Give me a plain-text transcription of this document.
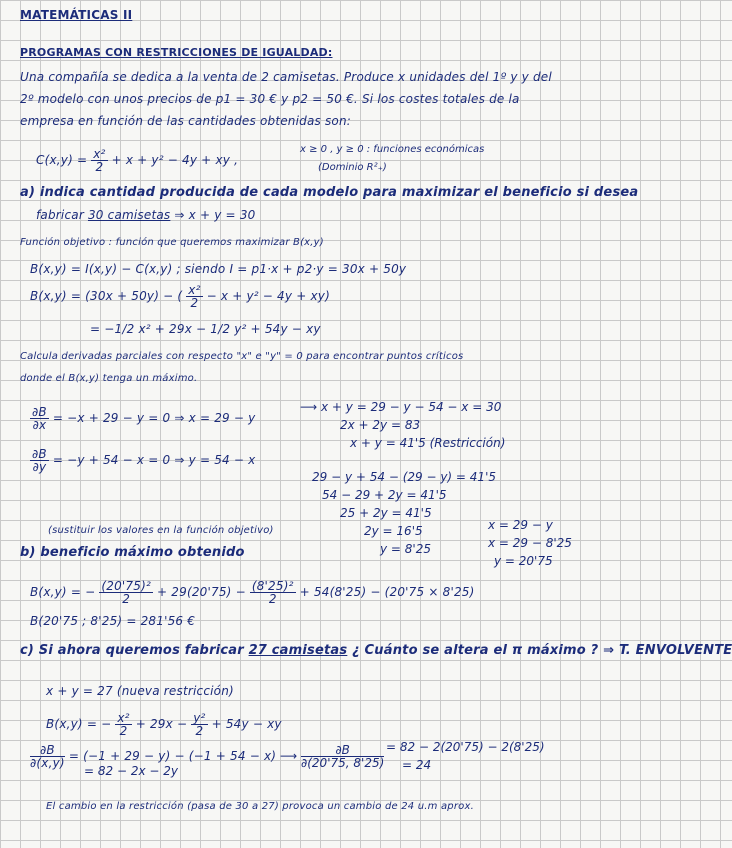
MATEMÁTICAS II
PROGRAMAS CON RESTRICCIONES DE IGUALDAD:
Una compañía se dedica a la venta de 2 camisetas. Produce x unidades del 1º y y del
2º modelo con unos precios de p1 = 30 € y p2 = 50 €. Si los costes totales de la
empresa en función de las cantidades obtenidas son:
$C(x,y) = \frac{\text{x²}}{2} + x + y^2 - 4y$ + xy ,
x ≥ 0 , y ≥ 0 : funciones económicas
(Dominio R²₊)
a) indica cantidad producida de cada modelo para maximizar el beneficio si desea
fabricar 30 camisetas ⇒ x + y = 30
Función objetivo : función que queremos maximizar B(x,y)
B(x,y) = I(x,y) − C(x,y) ; siendo I = p1·x + p2·y = 30x + 50y
B(x,y) = (30x + 50y) − ( $\frac{\text{x²}}{2} - x + y^2 - 4y + xy$)
= −1/2 x² + 29x − 1/2 y² + 54y − xy
Calcula derivadas parciales con respecto "x" e "y" = 0 para encontrar puntos críticos
donde el B(x,y) tenga un máximo.
$\frac{\partial B}{\partial x} = -x + 29 - y = 0$ ⇒ x = 29 − y
⟶ x + y = 29 − y − 54 − x = 30
2x + 2y = 83
x + y = 41'5 (Restricción)
$\frac{\partial B}{\partial y} = -y + 54 - x = 0$ ⇒ y = 54 − x
29 − y + 54 − (29 − y) = 41'5
54 − 29 + 2y = 41'5
25 + 2y = 41'5
2y = 16'5
y = 8'25
x = 29 − y
x = 29 − 8'25
y = 20'75
(sustituir los valores en la función objetivo)
b) beneficio máximo obtenido
B(x,y) = − $\frac{\text{(20'75)²}}{2} + 29(20'75) - \frac{\text{(8'25)²}}{2} + 54(8'25) - (20'75 \times 8'25)$
B(20'75 ; 8'25) = 281'56 €
c) Si ahora queremos fabricar 27 camisetas ¿ Cuánto se altera el π máximo ? ⇒ T. ENVOLVENTE
x + y = 27 (nueva restricción)
B(x,y) = − $\frac{\text{x²}}{2} + 29x - \frac{\text{y²}}{2} + 54y$ − xy
$\frac{\partial B}{\partial(x,y)} = (-1 + 29 - y) - (-1 + 54 - x)$
= 82 − 2x − 2y
⟶ $\frac{\partial B}{\partial(20'75, 8'25)} = 82 - 2(20'75) - 2(8'25)$
= 24
El cambio en la restricción (pasa de 30 a 27) provoca un cambio de 24 u.m aprox.
